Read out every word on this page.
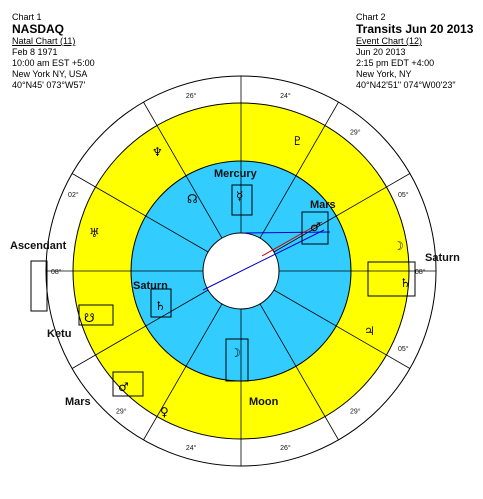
Chart 1
NASDAQ
Natal Chart (11)
Feb 8 1971
10:00 am EST +5:00
New York NY, USA
40°N45' 073°W57'
Chart 2
Transits Jun 20 2013
Event Chart (12)
Jun 20 2013
2:15 pm EDT +4:00
New York, NY
40°N42'51" 074°W00'23"
Ascendant
Saturn
Saturn
Mercury
Mars
Mars
Ketu
Moon
26°	24°
29°
05°
08°
05°
29°
26°
24°
29°
02°
08°
♆
♇
☊	☿
♂
☽
♄
♄
☋
♂
☽
♅
♃
♀
